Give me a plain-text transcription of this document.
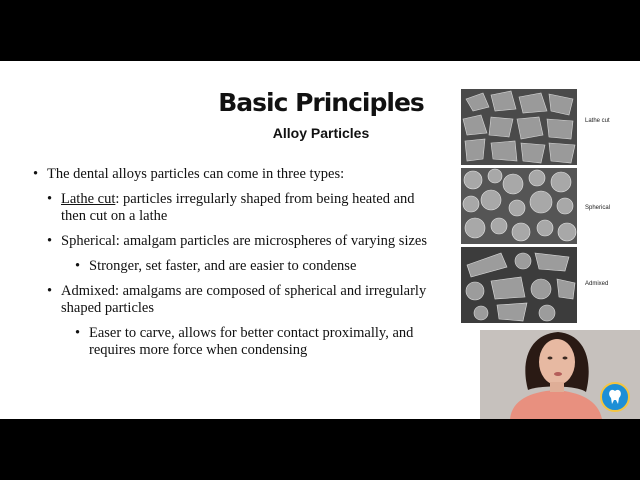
Basic Principles
Alloy Particles
• The dental alloys particles can come in three types:
• Lathe cut: particles irregularly shaped from being heated and then cut on a lathe
• Spherical: amalgam particles are microspheres of varying sizes
• Stronger, set faster, and are easier to condense
• Admixed: amalgams are composed of spherical and irregularly shaped particles
• Easer to carve, allows for better contact proximally, and requires more force when condensing
Lathe cut
Spherical
Admixed
